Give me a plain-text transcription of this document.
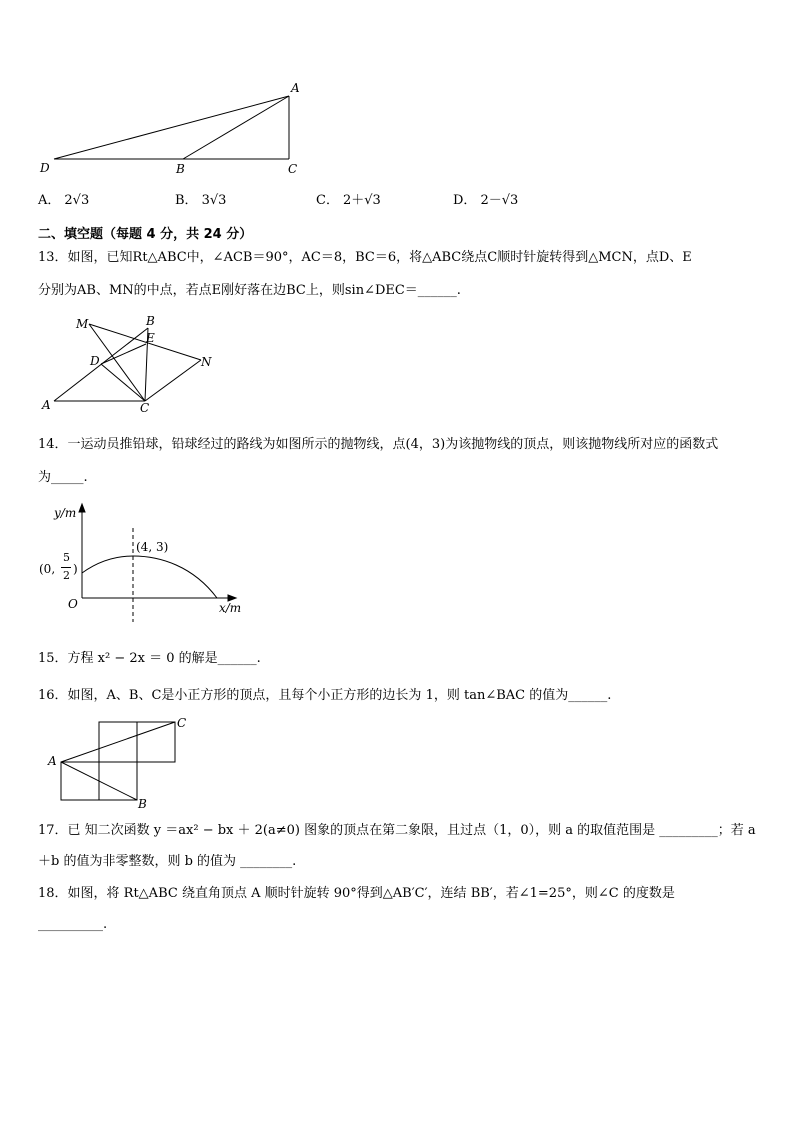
A
D	B	C
A． 2√3	B． 3√3	C． 2＋√3	D． 2－√3
二、填空题（每题 4 分，共 24 分）
13．如图，已知Rt△ABC中，∠ACB＝90°，AC＝8，BC＝6，将△ABC绕点C顺时针旋转得到△MCN，点D、E
分别为AB、MN的中点，若点E刚好落在边BC上，则sin∠DEC＝______.
M	B
E
D	N
A	C
14．一运动员推铅球，铅球经过的路线为如图所示的抛物线，点(4，3)为该抛物线的顶点，则该抛物线所对应的函数式
为_____.
y/m
x/m
O
(4, 3)
(0,
5
2 )
15．方程 x² − 2x ＝ 0 的解是______.
16．如图，A、B、C是小正方形的顶点，且每个小正方形的边长为 1，则 tan∠BAC 的值为______.
A
C
B
17．已 知二次函数 y ＝ax² − bx ＋ 2(a≠0) 图象的顶点在第二象限，且过点（1，0），则 a 的取值范围是 _________；若 a
＋b 的值为非零整数，则 b 的值为 ________.
18．如图，将 Rt△ABC 绕直角顶点 A 顺时针旋转 90°得到△AB′C′，连结 BB′，若∠1=25°，则∠C 的度数是
__________.
